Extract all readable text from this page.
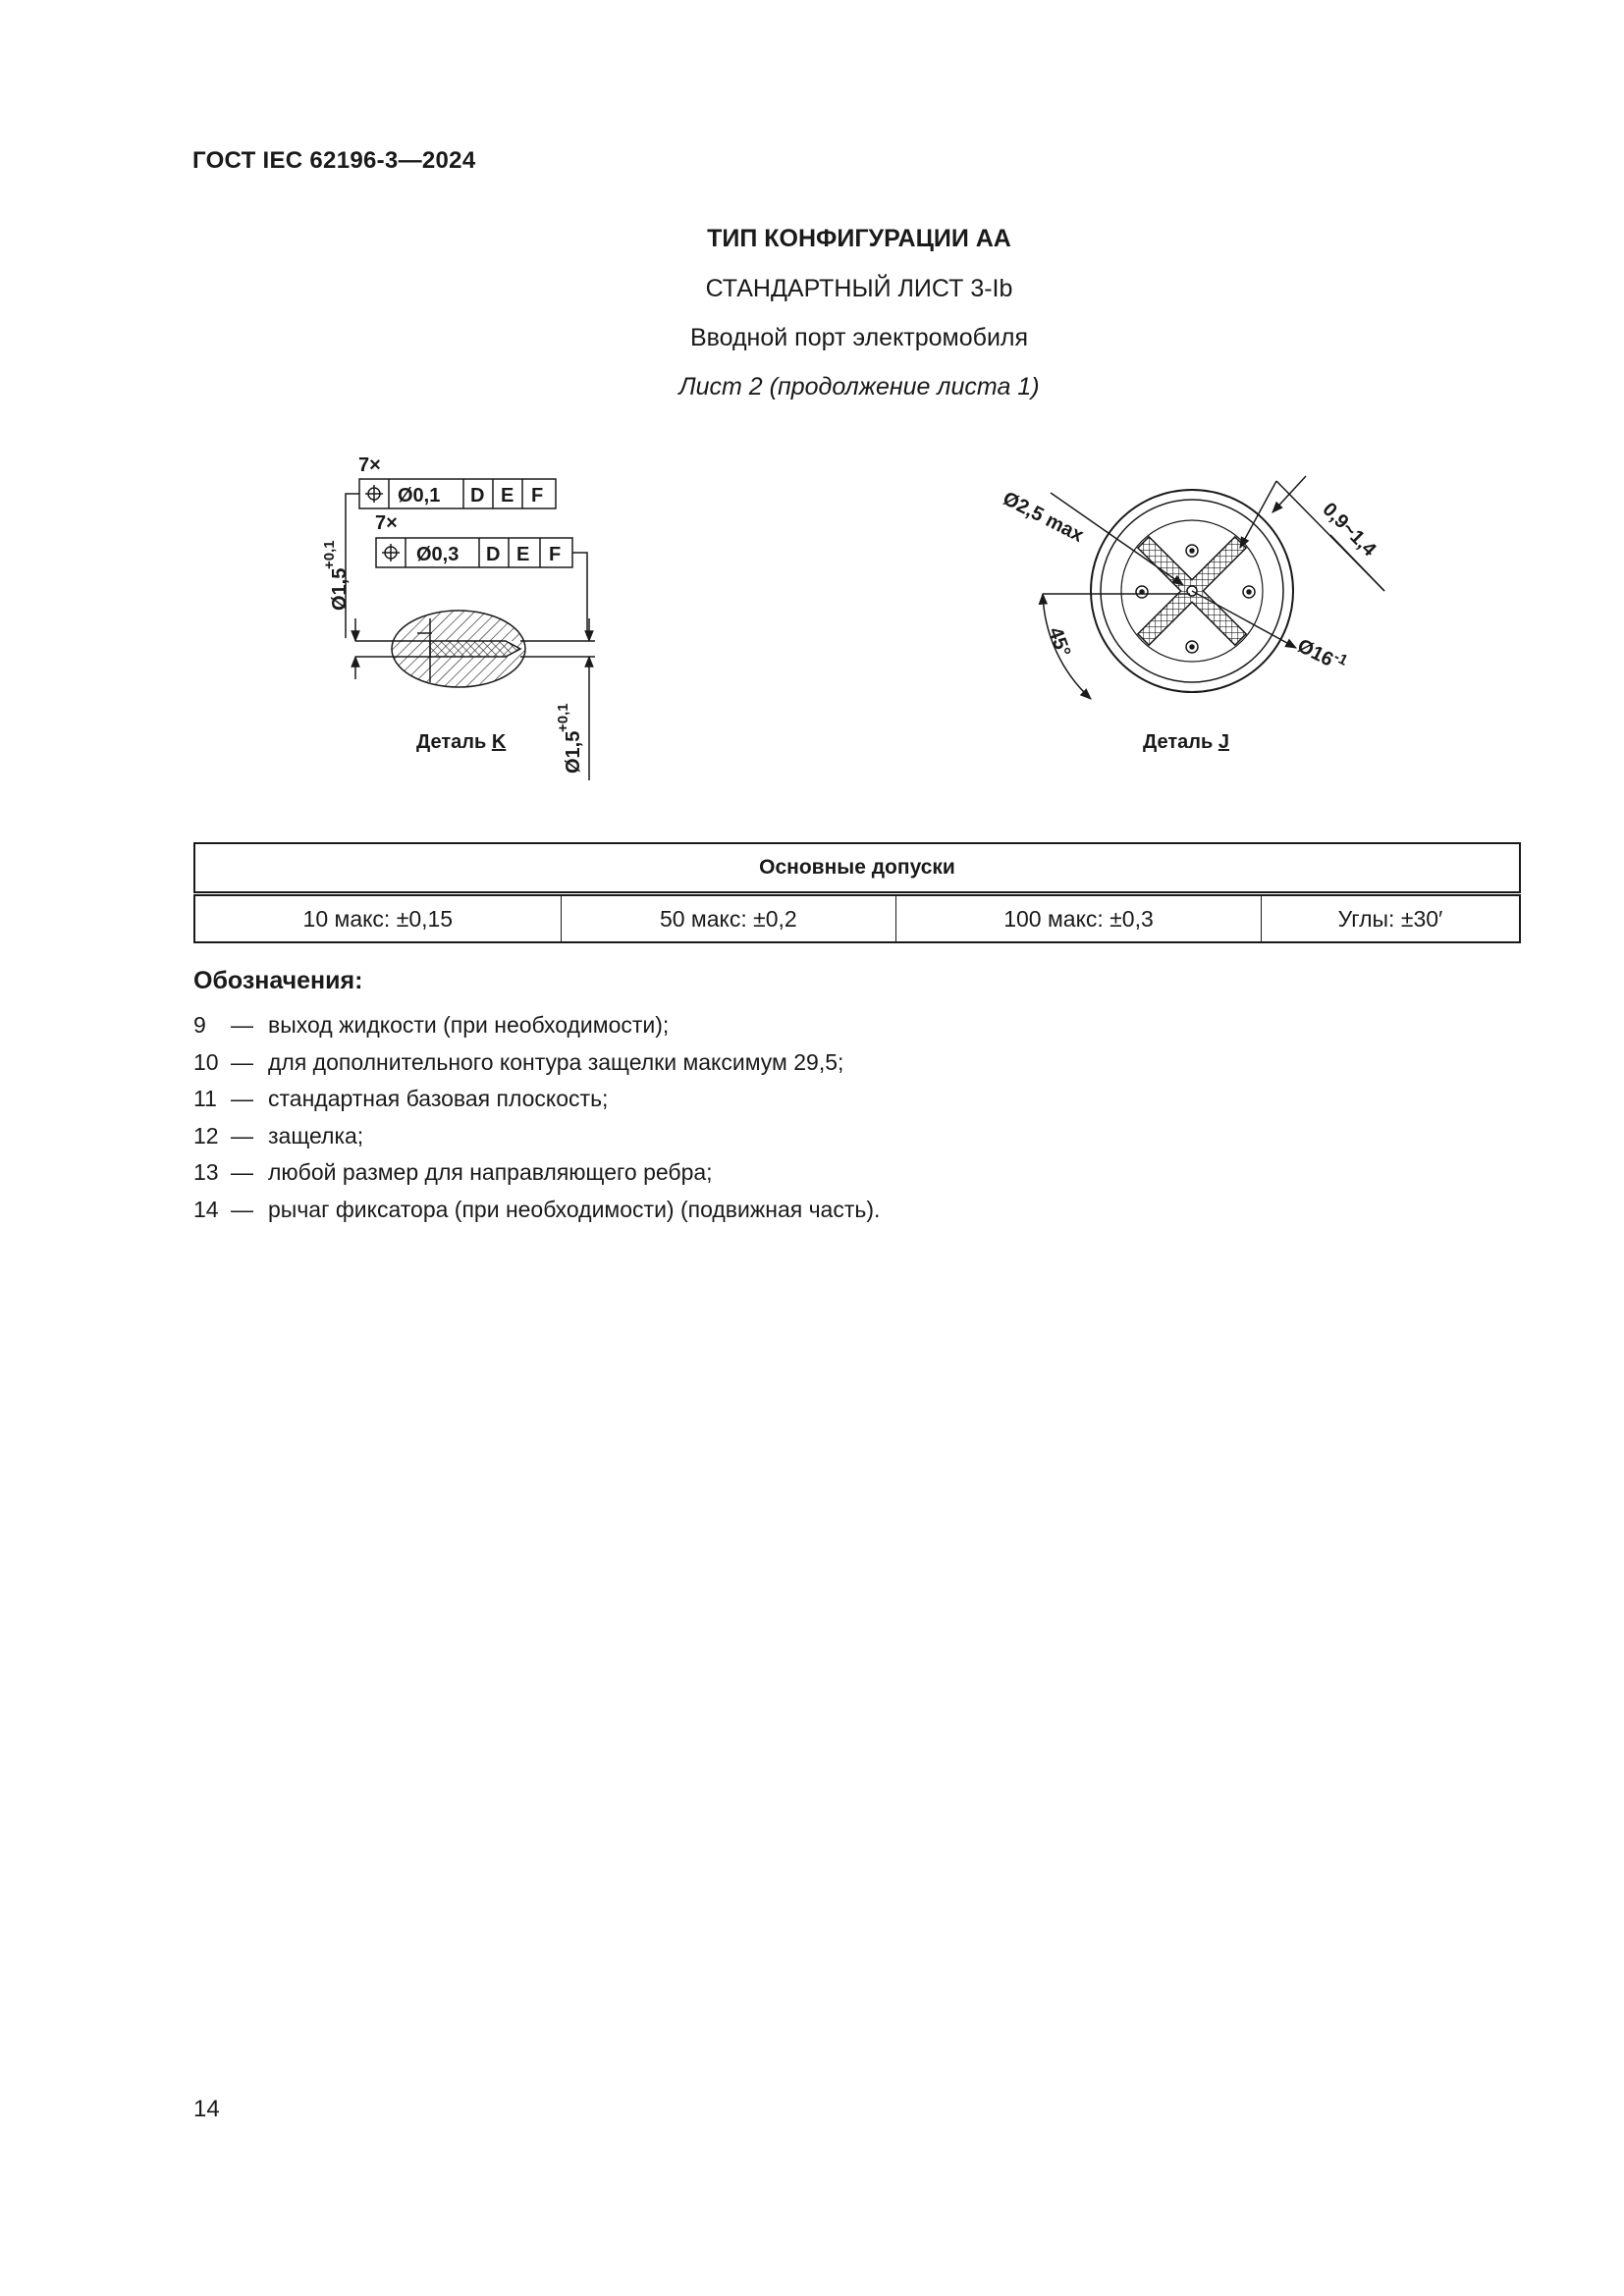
ГОСТ IEC 62196-3—2024
ТИП КОНФИГУРАЦИИ АА
СТАНДАРТНЫЙ ЛИСТ 3-Ib
Вводной порт электромобиля
Лист 2 (продолжение листа 1)
7×
7×
Ø0,1 D E F
Ø0,3 D E F
Ø1,5
+0,1
Ø1,5
+0,1
Деталь K
Ø2,5 max	0,9~1,4
45°	Ø16
-1
Деталь J
Основные допуски
10 макс: ±0,15	50 макс: ±0,2	100 макс: ±0,3	Углы: ±30′
Обозначения:
9	— выход жидкости (при необходимости);
10 — для дополнительного контура защелки максимум 29,5;
11 — стандартная базовая плоскость;
12 — защелка;
13 — любой размер для направляющего ребра;
14 — рычаг фиксатора (при необходимости) (подвижная часть).
14
